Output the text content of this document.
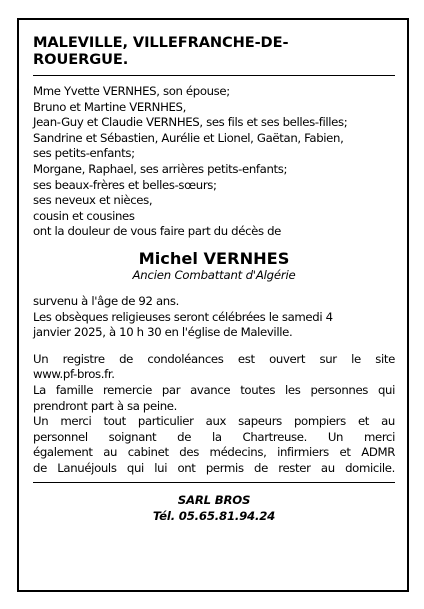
MALEVILLE, VILLEFRANCHE-DE-
ROUERGUE.
Mme Yvette VERNHES, son épouse;
Bruno et Martine VERNHES,
Jean-Guy et Claudie VERNHES, ses fils et ses belles-filles;
Sandrine et Sébastien, Aurélie et Lionel, Gaëtan, Fabien,
ses petits-enfants;
Morgane, Raphael, ses arrières petits-enfants;
ses beaux-frères et belles-sœurs;
ses neveux et nièces,
cousin et cousines
ont la douleur de vous faire part du décès de
Michel VERNHES
Ancien Combattant d'Algérie
survenu à l'âge de 92 ans.
Les obsèques religieuses seront célébrées le samedi 4
janvier 2025, à 10 h 30 en l'église de Maleville.
Un registre de condoléances est ouvert sur le site
www.pf-bros.fr.
La famille remercie par avance toutes les personnes qui
prendront part à sa peine.
Un merci tout particulier aux sapeurs pompiers et au
personnel soignant de la Chartreuse. Un merci
également au cabinet des médecins, infirmiers et ADMR
de Lanuéjouls qui lui ont permis de rester au domicile.
SARL BROS
Tél. 05.65.81.94.24
